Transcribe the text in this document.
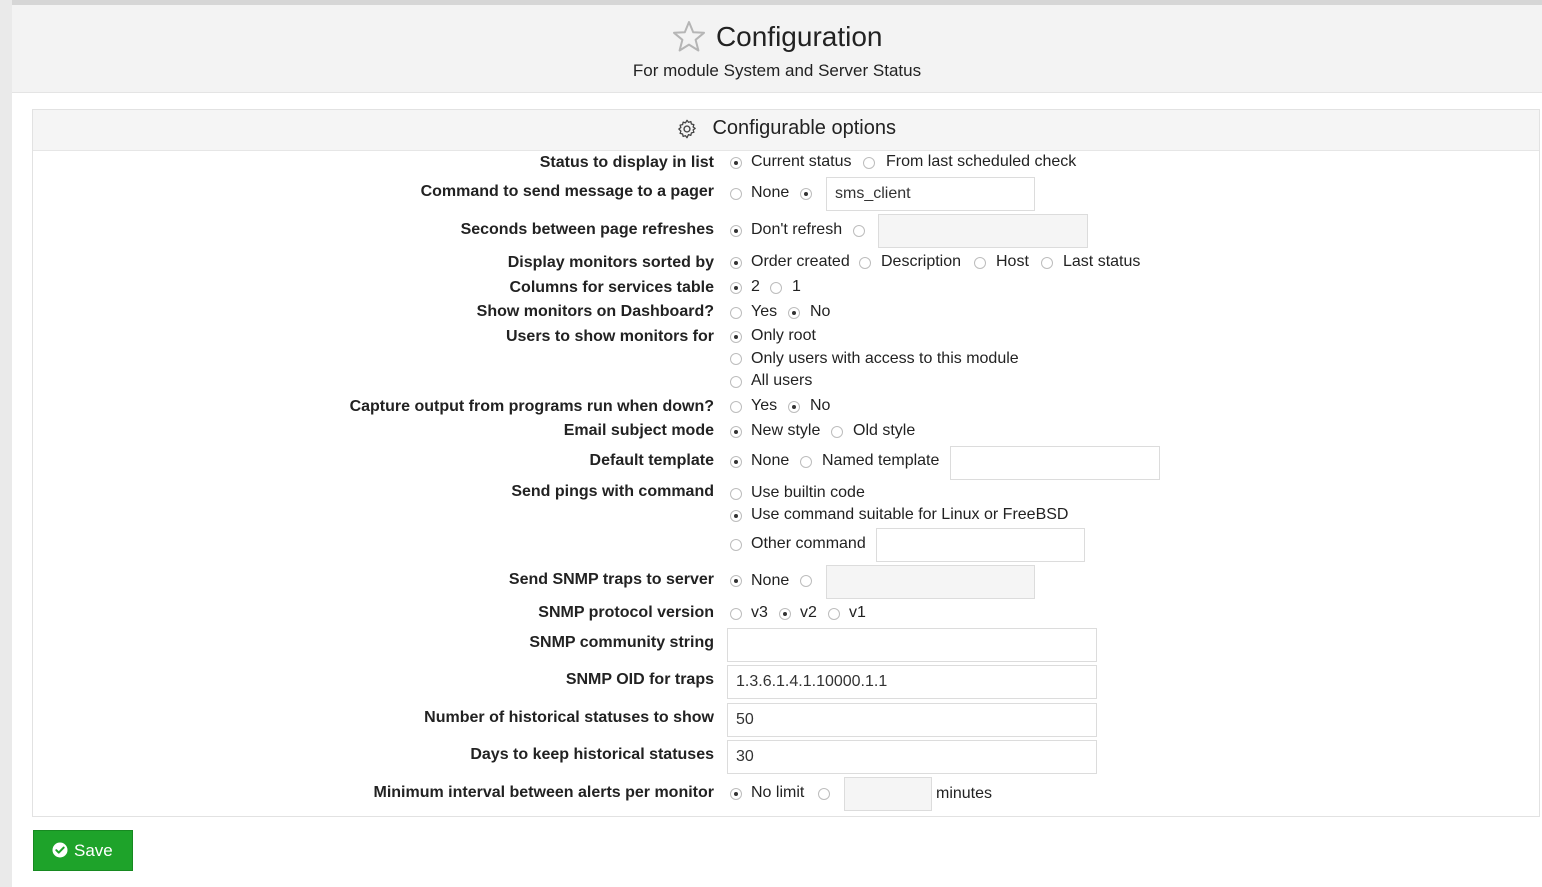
Configuration
For module System and Server Status
Configurable options
Status to display in list Current status From last scheduled check
Command to send message to a pager None	sms_client
Seconds between page refreshes Don't refresh
Display monitors sorted by Order created Description Host Last status
Columns for services table 2 1
Show monitors on Dashboard? Yes No
Users to show monitors for Only root
Only users with access to this module
All users
Capture output from programs run when down? Yes No
Email subject mode New style Old style
Default template None Named template
Send pings with command Use builtin code
Use command suitable for Linux or FreeBSD
Other command
Send SNMP traps to server None
SNMP protocol version v3 v2 v1
SNMP community string
SNMP OID for traps	1.3.6.1.4.1.10000.1.1
Number of historical statuses to show	50
Days to keep historical statuses	30
Minimum interval between alerts per monitor No limit	minutes
Save
